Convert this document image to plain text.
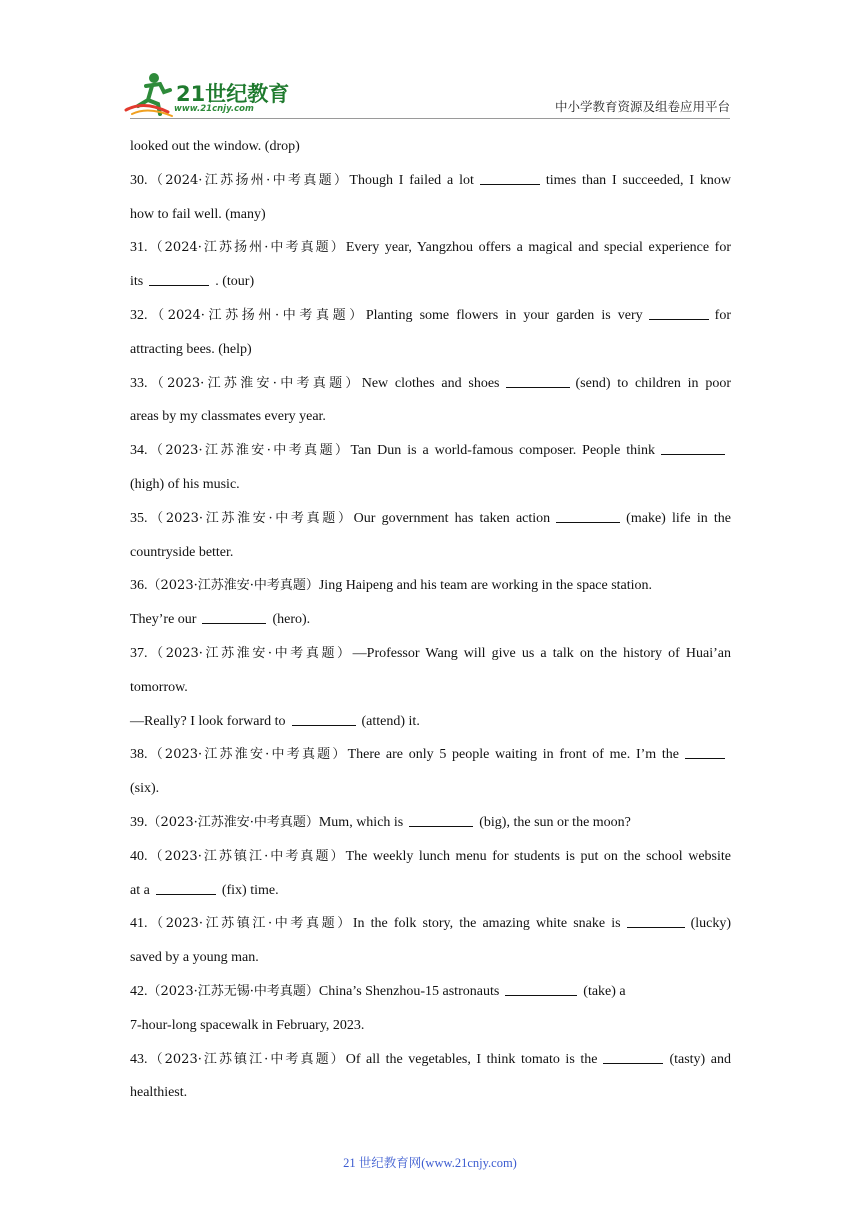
21世纪教育
www.21cnjy.com	中小学教育资源及组卷应用平台
looked out the window. (drop)
30.（2024·江苏扬州·中考真题）Though I failed a lot	times than I succeeded, I know
how to fail well. (many)
31.（2024·江苏扬州·中考真题）Every year, Yangzhou offers a magical and special experience for
its	. (tour)
32.（2024·江苏扬州·中考真题）Planting some flowers in your garden is very	for
attracting bees. (help)
33.（2023·江苏淮安·中考真题）New clothes and shoes	(send) to children in poor
areas by my classmates every year.
34.（2023·江苏淮安·中考真题）Tan Dun is a world-famous composer. People think
(high) of his music.
35.（2023·江苏淮安·中考真题）Our government has taken action	(make) life in the
countryside better.
36.（2023·江苏淮安·中考真题）Jing Haipeng and his team are working in the space station.
They’re our	(hero).
37.（2023·江苏淮安·中考真题）—Professor Wang will give us a talk on the history of Huai’an
tomorrow.
—Really? I look forward to	(attend) it.
38.（2023·江苏淮安·中考真题）There are only 5 people waiting in front of me. I’m the
(six).
39.（2023·江苏淮安·中考真题）Mum, which is	(big), the sun or the moon?
40.（2023·江苏镇江·中考真题）The weekly lunch menu for students is put on the school website
at a	(fix) time.
41.（2023·江苏镇江·中考真题）In the folk story, the amazing white snake is	(lucky)
saved by a young man.
42.（2023·江苏无锡·中考真题）China’s Shenzhou-15 astronauts	(take) a
7-hour-long spacewalk in February, 2023.
43.（2023·江苏镇江·中考真题）Of all the vegetables, I think tomato is the	(tasty) and
healthiest.
21 世纪教育网(www.21cnjy.com)
